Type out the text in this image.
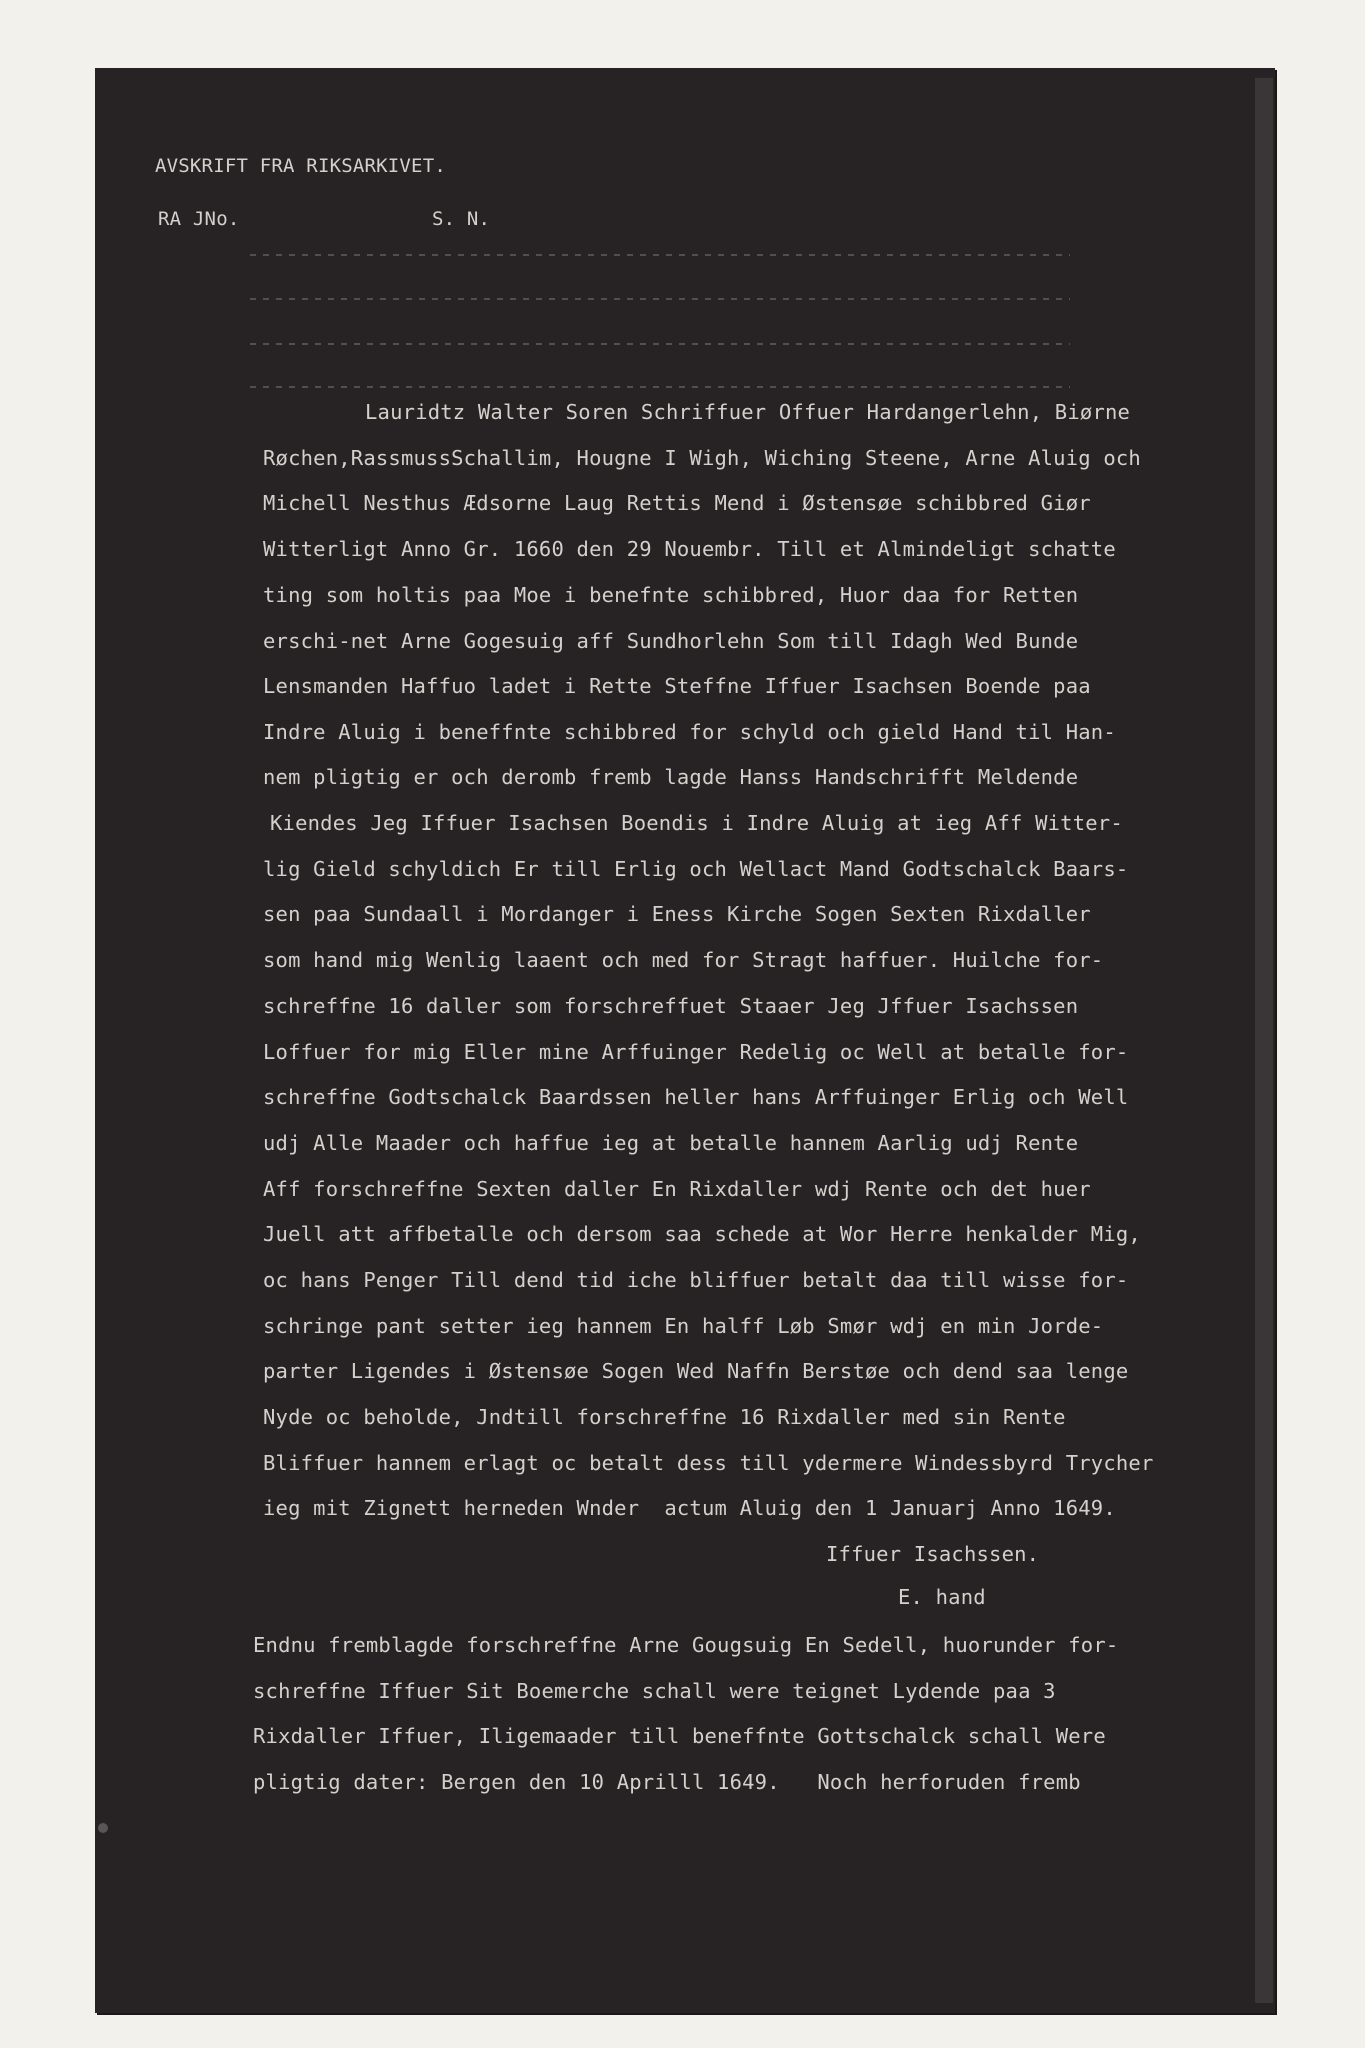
AVSKRIFT FRA RIKSARKIVET.
RA JNo.	S. N.
Lauridtz Walter Soren Schriffuer Offuer Hardangerlehn, Biørne
Røchen,RassmussSchallim, Hougne I Wigh, Wiching Steene, Arne Aluig och
Michell Nesthus Ædsorne Laug Rettis Mend i Østensøe schibbred Giør
Witterligt Anno Gr. 1660 den 29 Nouembr. Till et Almindeligt schatte
ting som holtis paa Moe i benefnte schibbred, Huor daa for Retten
erschi-net Arne Gogesuig aff Sundhorlehn Som till Idagh Wed Bunde
Lensmanden Haffuo ladet i Rette Steffne Iffuer Isachsen Boende paa
Indre Aluig i beneffnte schibbred for schyld och gield Hand til Han-
nem pligtig er och deromb fremb lagde Hanss Handschrifft Meldende
Kiendes Jeg Iffuer Isachsen Boendis i Indre Aluig at ieg Aff Witter-
lig Gield schyldich Er till Erlig och Wellact Mand Godtschalck Baars-
sen paa Sundaall i Mordanger i Eness Kirche Sogen Sexten Rixdaller
som hand mig Wenlig laaent och med for Stragt haffuer. Huilche for-
schreffne 16 daller som forschreffuet Staaer Jeg Jffuer Isachssen
Loffuer for mig Eller mine Arffuinger Redelig oc Well at betalle for-
schreffne Godtschalck Baardssen heller hans Arffuinger Erlig och Well
udj Alle Maader och haffue ieg at betalle hannem Aarlig udj Rente
Aff forschreffne Sexten daller En Rixdaller wdj Rente och det huer
Juell att affbetalle och dersom saa schede at Wor Herre henkalder Mig,
oc hans Penger Till dend tid iche bliffuer betalt daa till wisse for-
schringe pant setter ieg hannem En halff Løb Smør wdj en min Jorde-
parter Ligendes i Østensøe Sogen Wed Naffn Berstøe och dend saa lenge
Nyde oc beholde, Jndtill forschreffne 16 Rixdaller med sin Rente
Bliffuer hannem erlagt oc betalt dess till ydermere Windessbyrd Trycher
ieg mit Zignett herneden Wnder  actum Aluig den 1 Januarj Anno 1649.
Iffuer Isachssen.
E. hand
Endnu fremblagde forschreffne Arne Gougsuig En Sedell, huorunder for-
schreffne Iffuer Sit Boemerche schall were teignet Lydende paa 3
Rixdaller Iffuer, Iligemaader till beneffnte Gottschalck schall Were
pligtig dater: Bergen den 10 Aprilll 1649.   Noch herforuden fremb
